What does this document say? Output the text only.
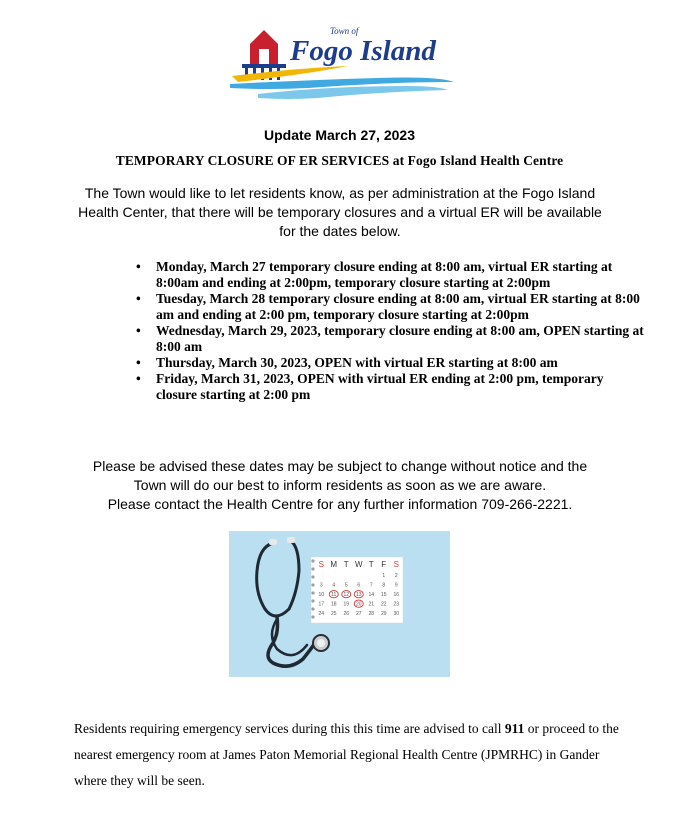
Town of
Fogo Island
Update March 27, 2023
TEMPORARY CLOSURE OF ER SERVICES at Fogo Island Health Centre
The Town would like to let residents know, as per administration at the Fogo Island Health Center, that there will be temporary closures and a virtual ER will be available for the dates below.
• Monday, March 27 temporary closure ending at 8:00 am, virtual ER starting at 8:00am and ending at 2:00pm, temporary closure starting at 2:00pm
• Tuesday, March 28 temporary closure ending at 8:00 am, virtual ER starting at 8:00 am and ending at 2:00 pm, temporary closure starting at 2:00pm
• Wednesday, March 29, 2023, temporary closure ending at 8:00 am, OPEN starting at 8:00 am
• Thursday, March 30, 2023, OPEN with virtual ER starting at 8:00 am
• Friday, March 31, 2023, OPEN with virtual ER ending at 2:00 pm, temporary closure starting at 2:00 pm

Please be advised these dates may be subject to change without notice and the

Town will do our best to inform residents as soon as we are aware.

Please contact the Health Centre for any further information 709-266-2221.

S M T W T F S
1 2
3 4 5 6 7 8 9
10 11 12 13 14 15 16
17 18 19 20 21 22 23
24 25 26 27 28 29 30

Residents requiring emergency services during this this time are advised to call 911 or proceed to the nearest emergency room at James Paton Memorial Regional Health Centre (JPMRHC) in Gander where they will be seen.
